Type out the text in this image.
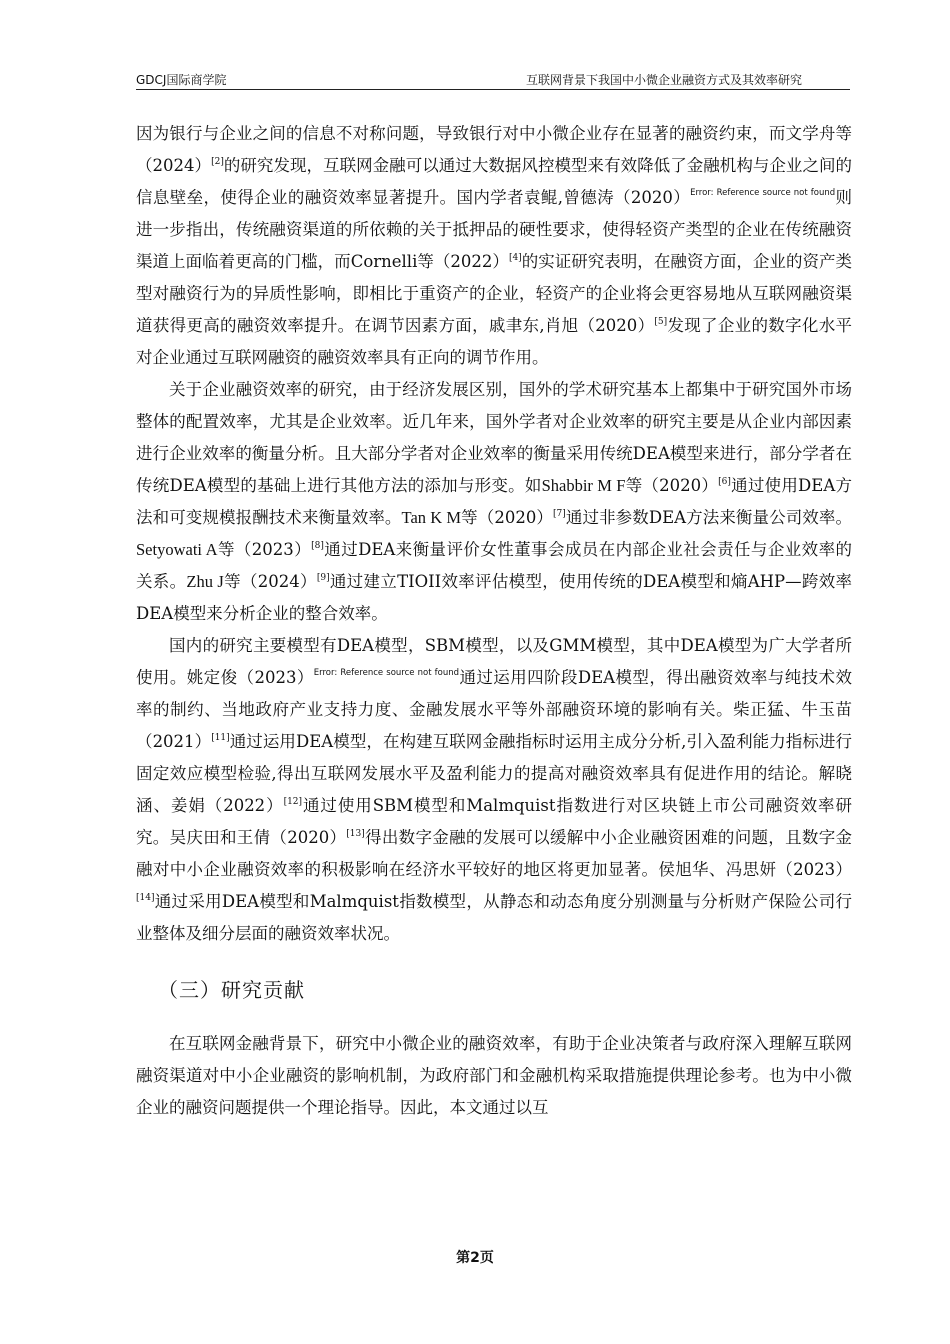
GDCJ国际商学院	互联网背景下我国中小微企业融资方式及其效率研究

因为银行与企业之间的信息不对称问题，导致银行对中小微企业存在显著的融资约束，而文学舟等（2024）[2]的研究发现，互联网金融可以通过大数据风控模型来有效降低了金融机构与企业之间的信息壁垒，使得企业的融资效率显著提升。国内学者袁鲲,曾德涛$(2020)^{Error: Reference source not found}$则进一步指出，传统融资渠道的所依赖的关于抵押品的硬性要求，使得轻资产类型的企业在传统融资渠道上面临着更高的门槛，而Cornelli等（2022）[4]的实证研究表明，在融资方面，企业的资产类型对融资行为的异质性影响，即相比于重资产的企业，轻资产的企业将会更容易地从互联网融资渠道获得更高的融资效率提升。在调节因素方面，戚聿东,肖旭（2020）[5]发现了企业的数字化水平对企业通过互联网融资的融资效率具有正向的调节作用。

关于企业融资效率的研究，由于经济发展区别，国外的学术研究基本上都集中于研究国外市场整体的配置效率，尤其是企业效率。近几年来，国外学者对企业效率的研究主要是从企业内部因素进行企业效率的衡量分析。且大部分学者对企业效率的衡量采用传统DEA模型来进行，部分学者在传统DEA模型的基础上进行其他方法的添加与形变。如Shabbir M F等（2020）[6]通过使用DEA方法和可变规模报酬技术来衡量效率。Tan K M等（2020）[7]通过非参数DEA方法来衡量公司效率。Setyowati A等（2023）[8]通过DEA来衡量评价女性董事会成员在内部企业社会责任与企业效率的关系。Zhu J等（2024）[9]通过建立TIOII效率评估模型，使用传统的DEA模型和熵AHP—跨效率DEA模型来分析企业的整合效率。

国内的研究主要模型有DEA模型，SBM模型，以及GMM模型，其中DEA模型为广大学者所使用。姚定俊$(2023)^{Error: Reference source not found}$通过运用四阶段DEA模型，得出融资效率与纯技术效率的制约、当地政府产业支持力度、金融发展水平等外部融资环境的影响有关。柴正猛、牛玉苗（2021）[11]通过运用DEA模型，在构建互联网金融指标时运用主成分分析,引入盈利能力指标进行固定效应模型检验,得出互联网发展水平及盈利能力的提高对融资效率具有促进作用的结论。解晓涵、姜娟（2022）[12]通过使用SBM模型和Malmquist指数进行对区块链上市公司融资效率研究。吴庆田和王倩（2020）[13]得出数字金融的发展可以缓解中小企业融资困难的问题，且数字金融对中小企业融资效率的积极影响在经济水平较好的地区将更加显著。侯旭华、冯思妍（2023）[14]通过采用DEA模型和Malmquist指数模型，从静态和动态角度分别测量与分析财产保险公司行业整体及细分层面的融资效率状况。

（三）研究贡献

在互联网金融背景下，研究中小微企业的融资效率，有助于企业决策者与政府深入理解互联网融资渠道对中小企业融资的影响机制，为政府部门和金融机构采取措施提供理论参考。也为中小微企业的融资问题提供一个理论指导。因此，本文通过以互

第2页
